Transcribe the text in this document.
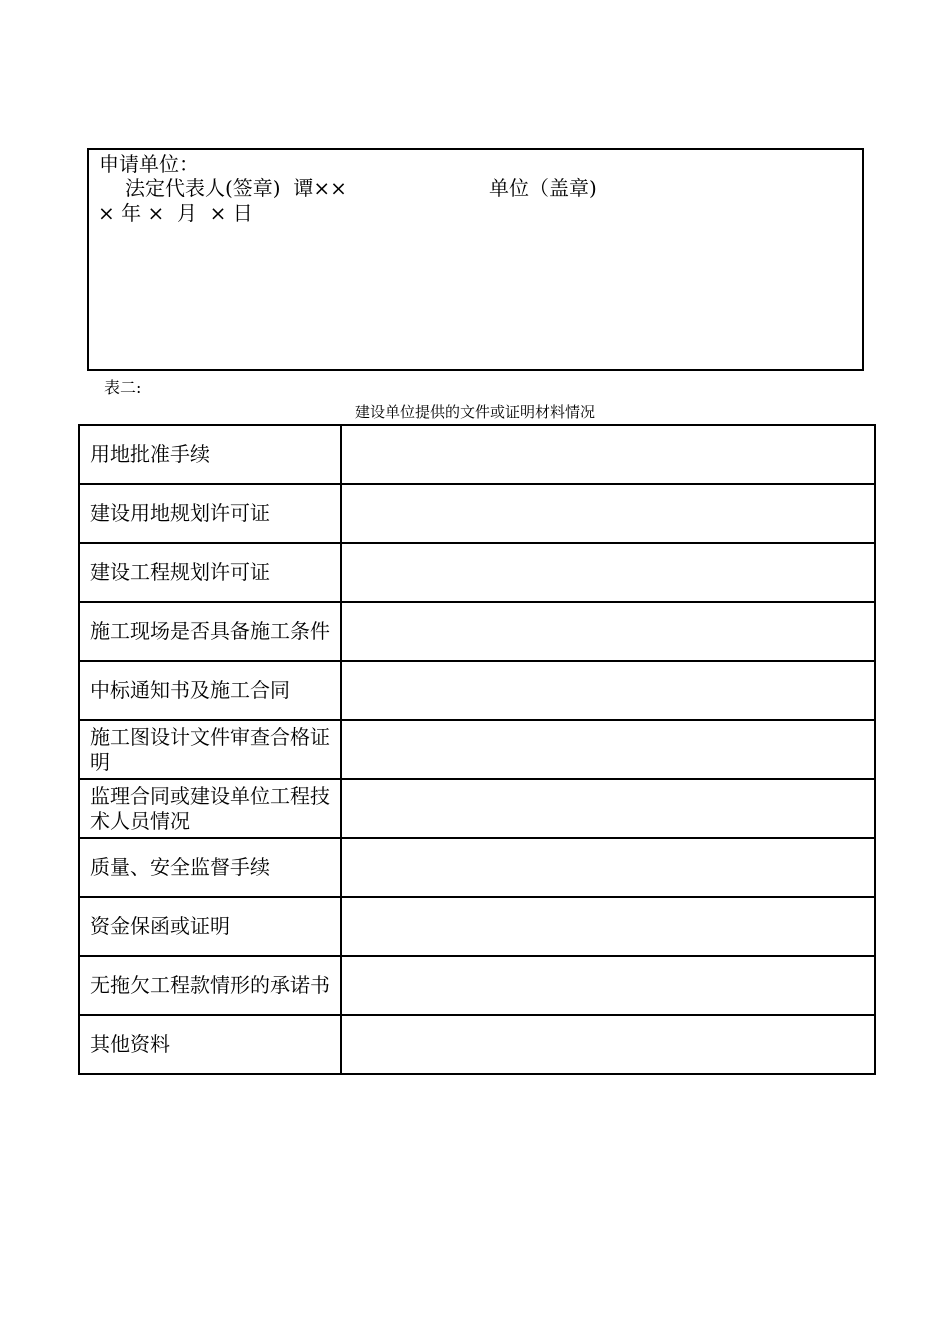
申请单位：
法定代表人(签章)  谭××	单位（盖章)
× 年 ×  月  × 日
表二:
建设单位提供的文件或证明材料情况
用地批准手续	
建设用地规划许可证	
建设工程规划许可证	
施工现场是否具备施工条件	
中标通知书及施工合同	
施工图设计文件审查合格证明	
监理合同或建设单位工程技术人员情况	
质量、安全监督手续	
资金保函或证明	
无拖欠工程款情形的承诺书	
其他资料	
